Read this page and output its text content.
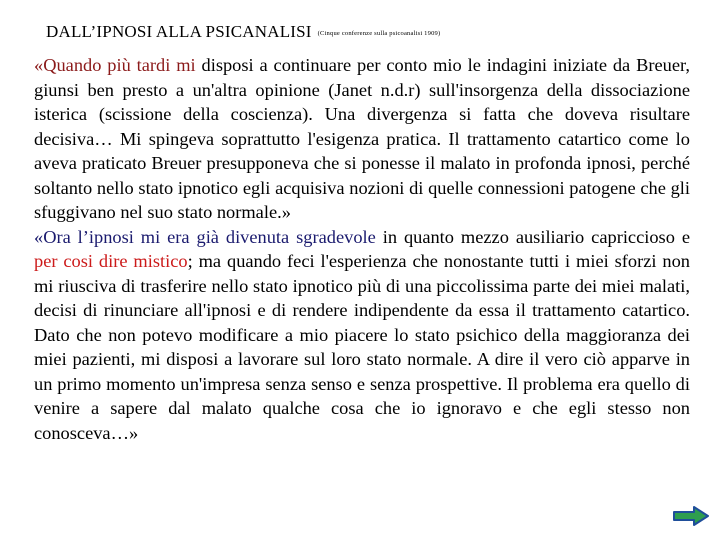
DALL’IPNOSI ALLA PSICANALISI (Cinque conferenze sulla psicoanalisi 1909)

«Quando più tardi mi disposi a continuare per conto mio le indagini iniziate da Breuer, giunsi ben presto a un'altra opinione (Janet n.d.r) sull'insorgenza della dissociazione isterica (scissione della coscienza). Una divergenza si fatta che doveva risultare decisiva… Mi spingeva soprattutto l'esigenza pratica. Il trattamento catartico come lo aveva praticato Breuer presupponeva che si ponesse il malato in profonda ipnosi, perché soltanto nello stato ipnotico egli acquisiva nozioni di quelle connessioni patogene che gli sfuggivano nel suo stato normale.»

«Ora l’ipnosi mi era già divenuta sgradevole in quanto mezzo ausiliario capriccioso e per cosi dire mistico; ma quando feci l'esperienza che nonostante tutti i miei sforzi non mi riusciva di trasferire nello stato ipnotico più di una piccolissima parte dei miei malati, decisi di rinunciare all'ipnosi e di rendere indipendente da essa il trattamento catartico. Dato che non potevo modificare a mio piacere lo stato psichico della maggioranza dei miei pazienti, mi disposi a lavorare sul loro stato normale. A dire il vero ciò apparve in un primo momento un'impresa senza senso e senza prospettive. Il problema era quello di venire a sapere dal malato qualche cosa che io ignoravo e che egli stesso non conosceva…»
